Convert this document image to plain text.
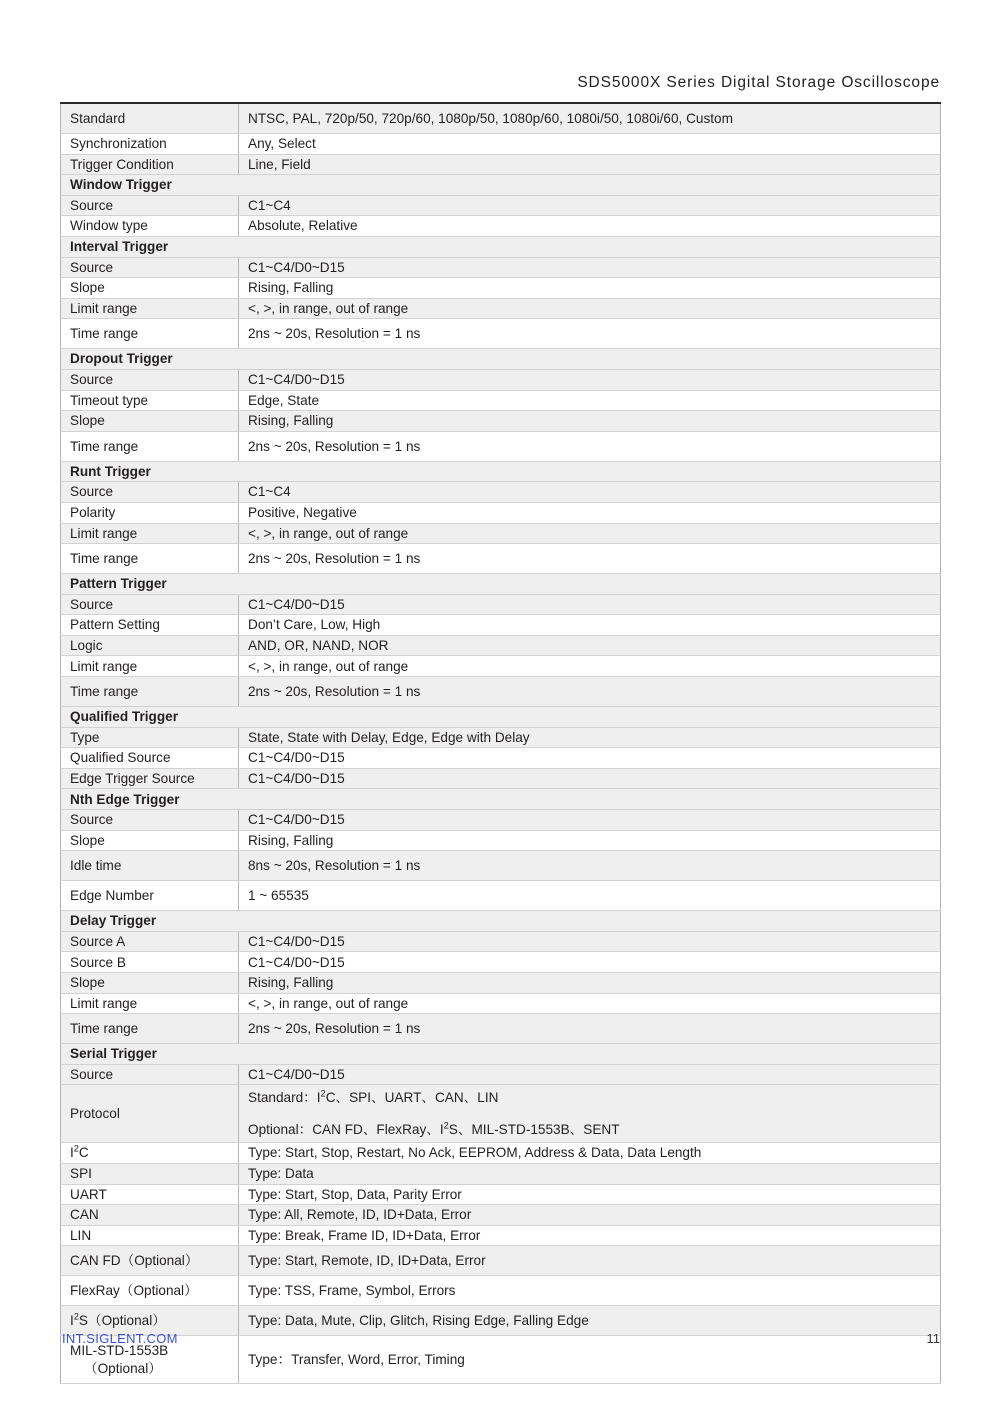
SDS5000X Series Digital Storage Oscilloscope
Standard	NTSC, PAL, 720p/50, 720p/60, 1080p/50, 1080p/60, 1080i/50, 1080i/60, Custom
Synchronization	Any, Select
Trigger Condition	Line, Field
Window Trigger	
Source	C1~C4
Window type	Absolute, Relative
Interval Trigger	
Source	C1~C4/D0~D15
Slope	Rising, Falling
Limit range	<, >, in range, out of range
Time range	2ns ~ 20s, Resolution = 1 ns
Dropout Trigger	
Source	C1~C4/D0~D15
Timeout type	Edge, State
Slope	Rising, Falling
Time range	2ns ~ 20s, Resolution = 1 ns
Runt Trigger	
Source	C1~C4
Polarity	Positive, Negative
Limit range	<, >, in range, out of range
Time range	2ns ~ 20s, Resolution = 1 ns
Pattern Trigger	
Source	C1~C4/D0~D15
Pattern Setting	Don’t Care, Low, High
Logic	AND, OR, NAND, NOR
Limit range	<, >, in range, out of range
Time range	2ns ~ 20s, Resolution = 1 ns
Qualified Trigger	
Type	State, State with Delay, Edge, Edge with Delay
Qualified Source	C1~C4/D0~D15
Edge Trigger Source	C1~C4/D0~D15
Nth Edge Trigger	
Source	C1~C4/D0~D15
Slope	Rising, Falling
Idle time	8ns ~ 20s, Resolution = 1 ns
Edge Number	1 ~ 65535
Delay Trigger	
Source A	C1~C4/D0~D15
Source B	C1~C4/D0~D15
Slope	Rising, Falling
Limit range	<, >, in range, out of range
Time range	2ns ~ 20s, Resolution = 1 ns
Serial Trigger	
Source	C1~C4/D0~D15
Protocol	Standard：$I^2C$、SPI、UART、CAN、LIN
Optional：CAN FD、FlexRay、$I^2S$、MIL-STD-1553B、SENT

$I^2C$	Type: Start, Stop, Restart, No Ack, EEPROM, Address & Data, Data Length
SPI	Type: Data
UART	Type: Start, Stop, Data, Parity Error
CAN	Type: All, Remote, ID, ID+Data, Error
LIN	Type: Break, Frame ID, ID+Data, Error
CAN FD（Optional）	Type: Start, Remote, ID, ID+Data, Error
FlexRay（Optional）	Type: TSS, Frame, Symbol, Errors
$I^2S(Optional)$	Type: Data, Mute, Clip, Glitch, Rising Edge, Falling Edge
MIL-STD-1553B
（Optional）	Type：Transfer, Word, Error, Timing
INT.SIGLENT.COM	11
